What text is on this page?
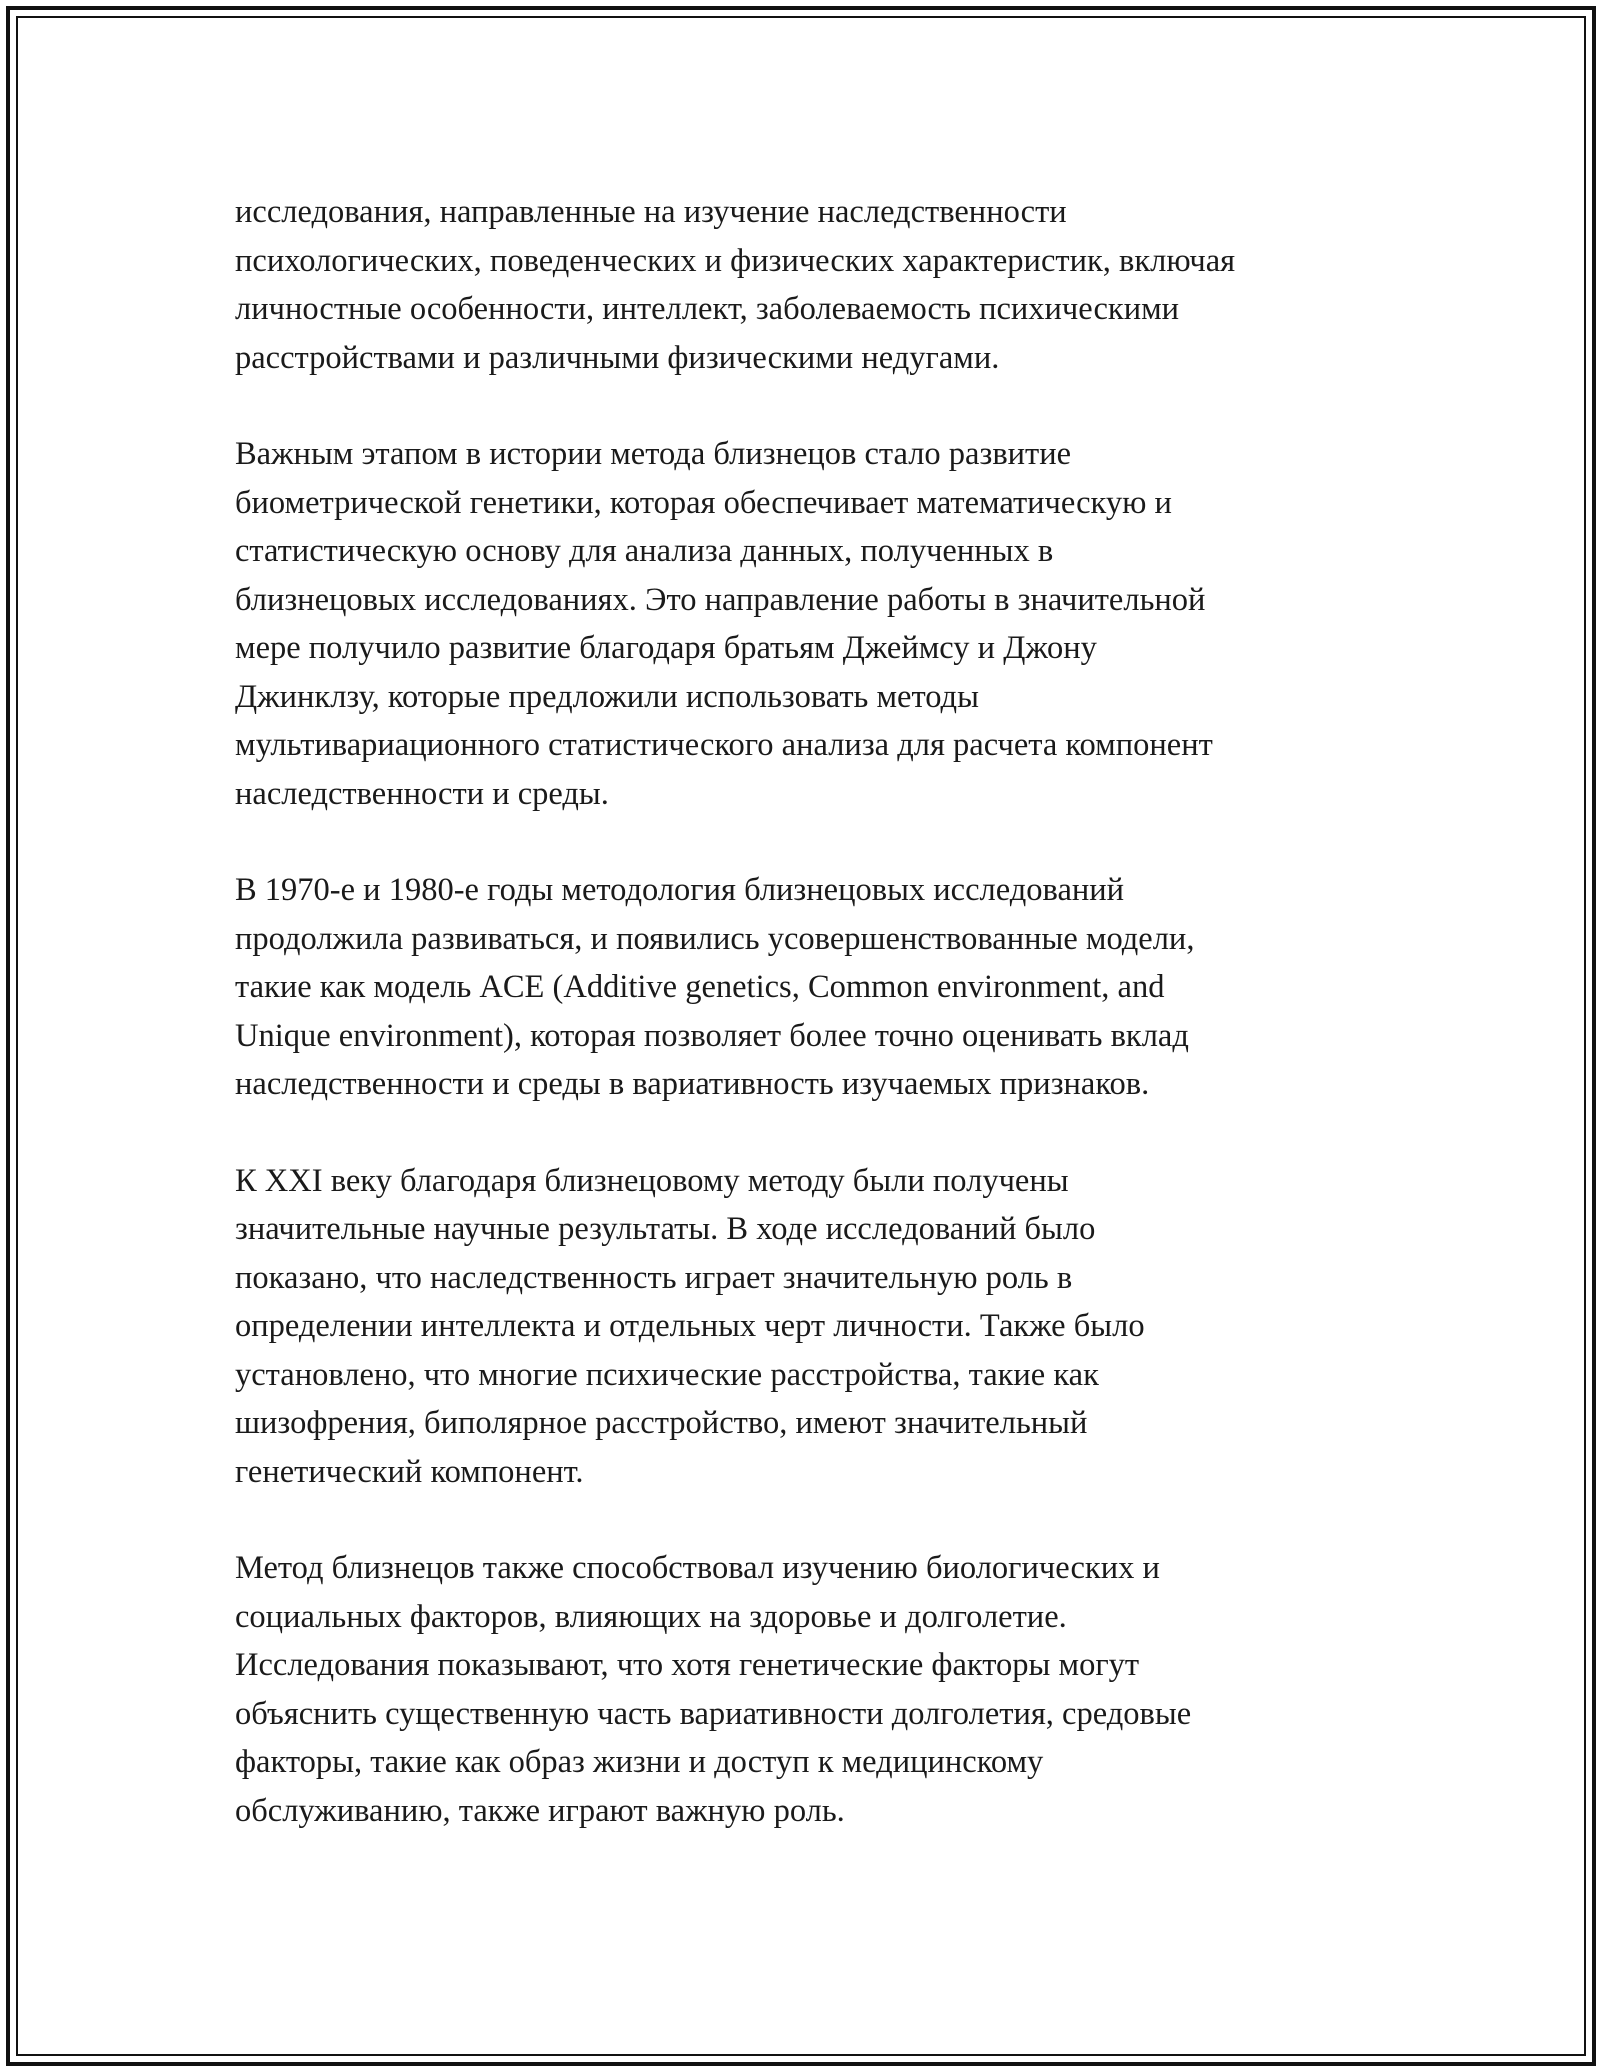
исследования, направленные на изучение наследственности
психологических, поведенческих и физических характеристик, включая
личностные особенности, интеллект, заболеваемость психическими
расстройствами и различными физическими недугами.
Важным этапом в истории метода близнецов стало развитие
биометрической генетики, которая обеспечивает математическую и
статистическую основу для анализа данных, полученных в
близнецовых исследованиях. Это направление работы в значительной
мере получило развитие благодаря братьям Джеймсу и Джону
Джинклзу, которые предложили использовать методы
мультивариационного статистического анализа для расчета компонент
наследственности и среды.
В 1970-е и 1980-е годы методология близнецовых исследований
продолжила развиваться, и появились усовершенствованные модели,
такие как модель ACE (Additive genetics, Common environment, and
Unique environment), которая позволяет более точно оценивать вклад
наследственности и среды в вариативность изучаемых признаков.
К XXI веку благодаря близнецовому методу были получены
значительные научные результаты. В ходе исследований было
показано, что наследственность играет значительную роль в
определении интеллекта и отдельных черт личности. Также было
установлено, что многие психические расстройства, такие как
шизофрения, биполярное расстройство, имеют значительный
генетический компонент.
Метод близнецов также способствовал изучению биологических и
социальных факторов, влияющих на здоровье и долголетие.
Исследования показывают, что хотя генетические факторы могут
объяснить существенную часть вариативности долголетия, средовые
факторы, такие как образ жизни и доступ к медицинскому
обслуживанию, также играют важную роль.
